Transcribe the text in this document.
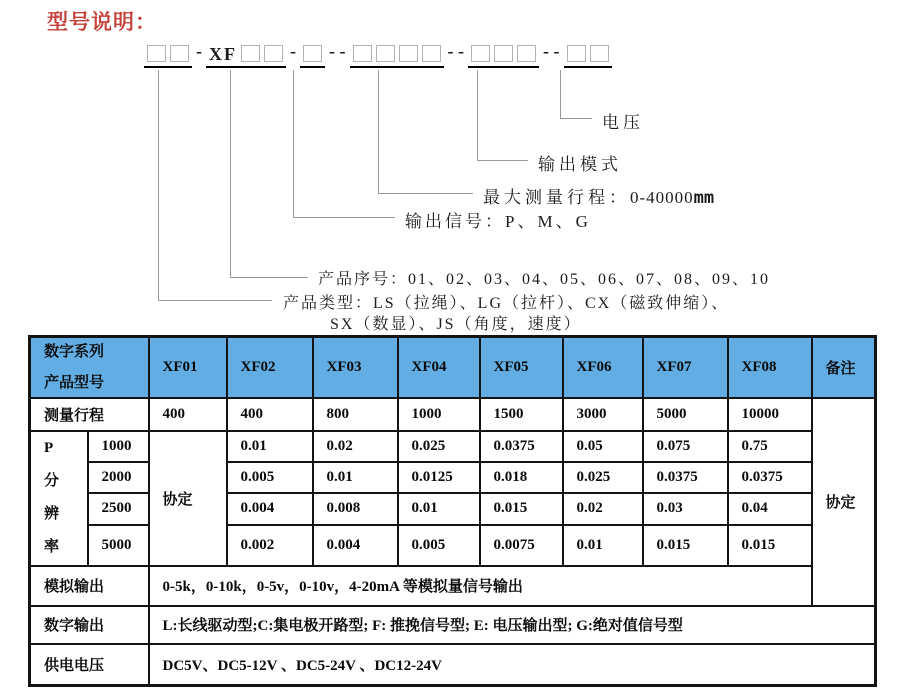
型号说明：
- XF	- - -	- -	- -
电压
输出模式
最大测量行程：0-40000mm
输出信号：P、M、G
产品序号：01、02、03、04、05、06、07、08、09、10
产品类型：LS（拉绳）、LG（拉杆）、CX（磁致伸缩）、
SX（数显）、JS（角度，速度）
数字系列
产品型号		XF01	XF02	XF03	XF04	XF05	XF06	XF07	XF08	备注
测量行程		400	400	800	1000	1500	3000	5000	10000	协定

P
分
辨
率	1000	协定	0.01	0.02	0.025	0.0375	0.05	0.075	0.75	
	2000		0.005	0.01	0.0125	0.018	0.025	0.0375	0.0375	
	2500		0.004	0.008	0.01	0.015	0.02	0.03	0.04	
	5000		0.002	0.004	0.005	0.0075	0.01	0.015	0.015	
模拟输出		0-5k，0-10k，0-5v，0-10v，4-20mA 等模拟量信号输出								
数字输出		L:长线驱动型;C:集电极开路型; F: 推挽信号型; E: 电压输出型; G:绝对值信号型								
供电电压		DC5V、DC5-12V 、DC5-24V 、DC12-24V								
